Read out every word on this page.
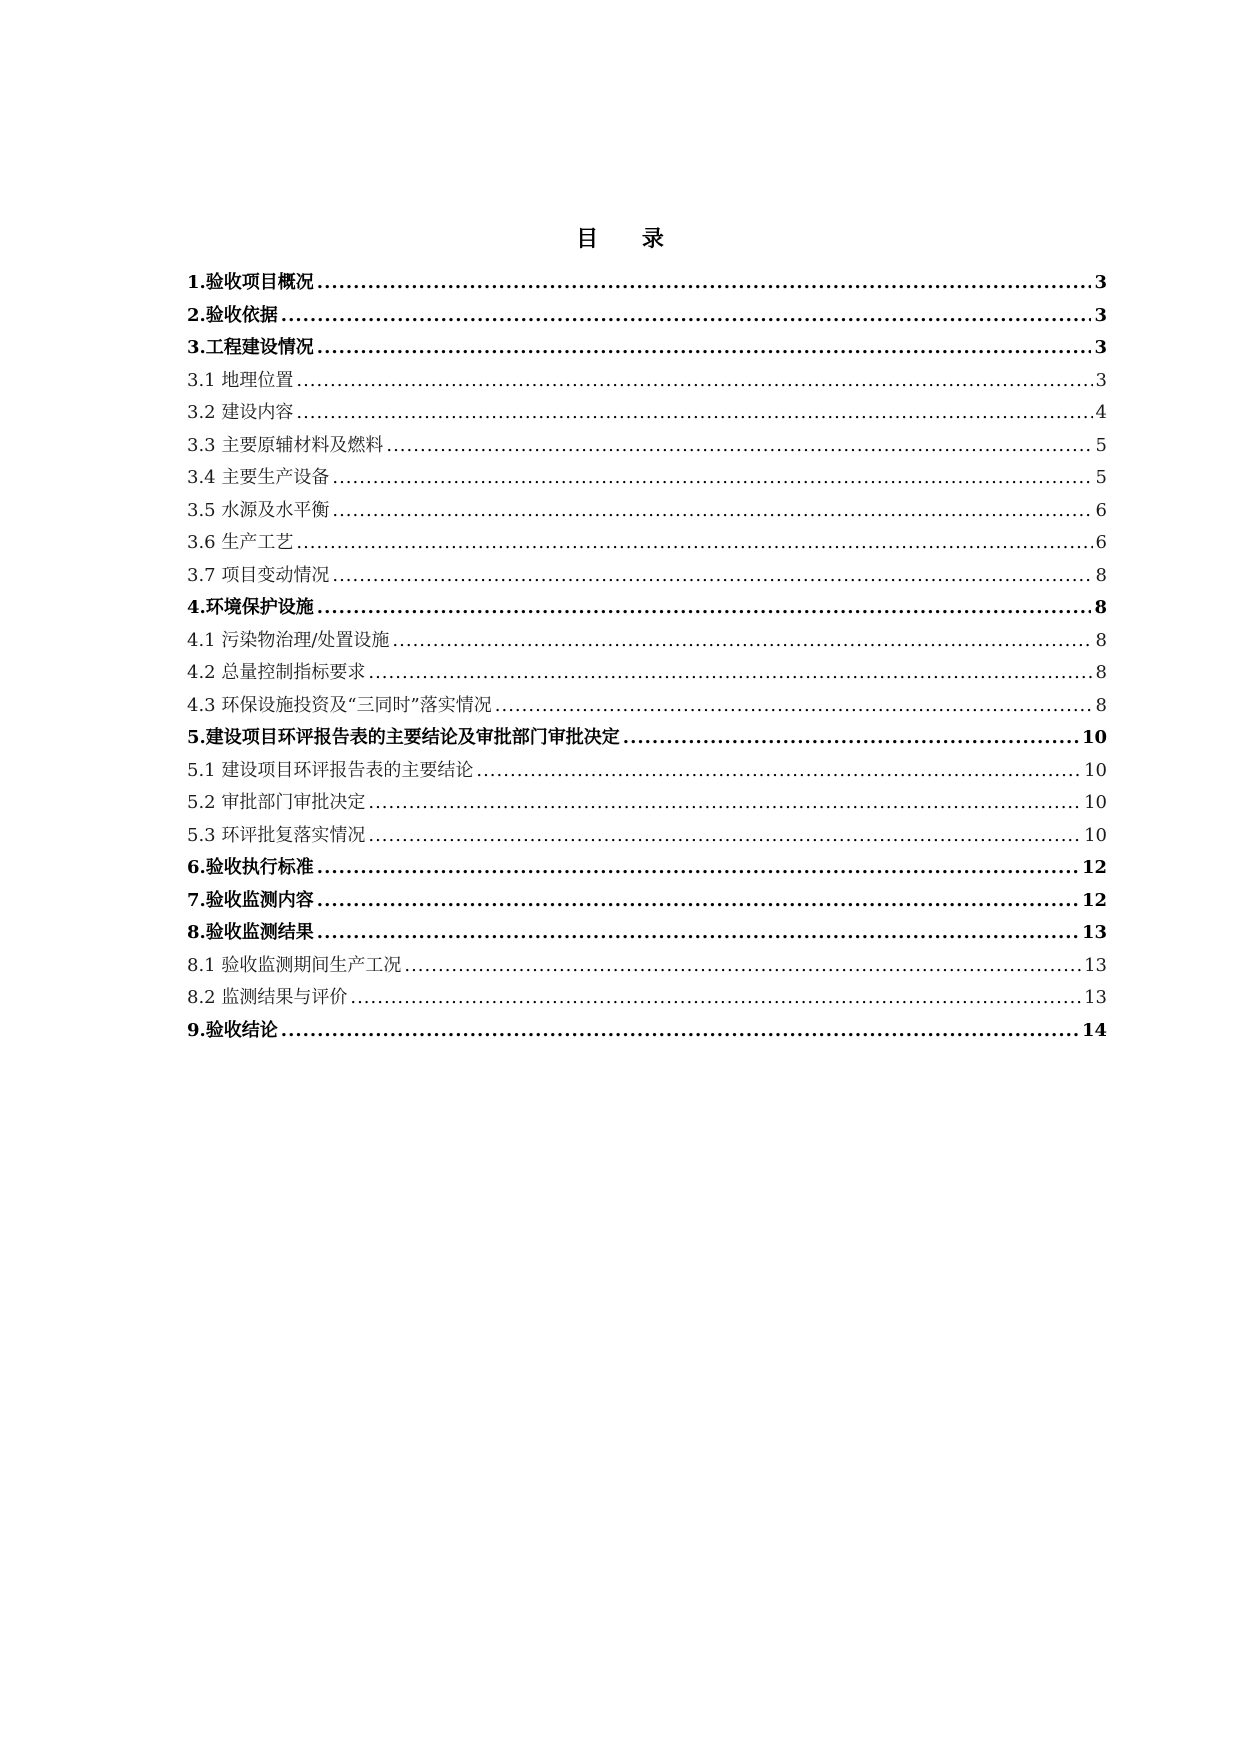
目 录
1.验收项目概况 .....	3
2.验收依据 .....	3
3.工程建设情况 .....	3
3.1 地理位置 .....	3
3.2 建设内容 .....	4
3.3 主要原辅材料及燃料 .....	5
3.4 主要生产设备 .....	5
3.5 水源及水平衡 .....	6
3.6 生产工艺 .....	6
3.7 项目变动情况 .....	8
4.环境保护设施 .....	8
4.1 污染物治理/处置设施 .....	8
4.2 总量控制指标要求 .....	8
4.3 环保设施投资及“三同时”落实情况 .....	8
5.建设项目环评报告表的主要结论及审批部门审批决定 .....	10
5.1 建设项目环评报告表的主要结论 .....	10
5.2 审批部门审批决定 .....	10
5.3 环评批复落实情况 .....	10
6.验收执行标准 .....	12
7.验收监测内容 .....	12
8.验收监测结果 .....	13
8.1 验收监测期间生产工况 .....	13
8.2 监测结果与评价 .....	13
9.验收结论 .....	14
